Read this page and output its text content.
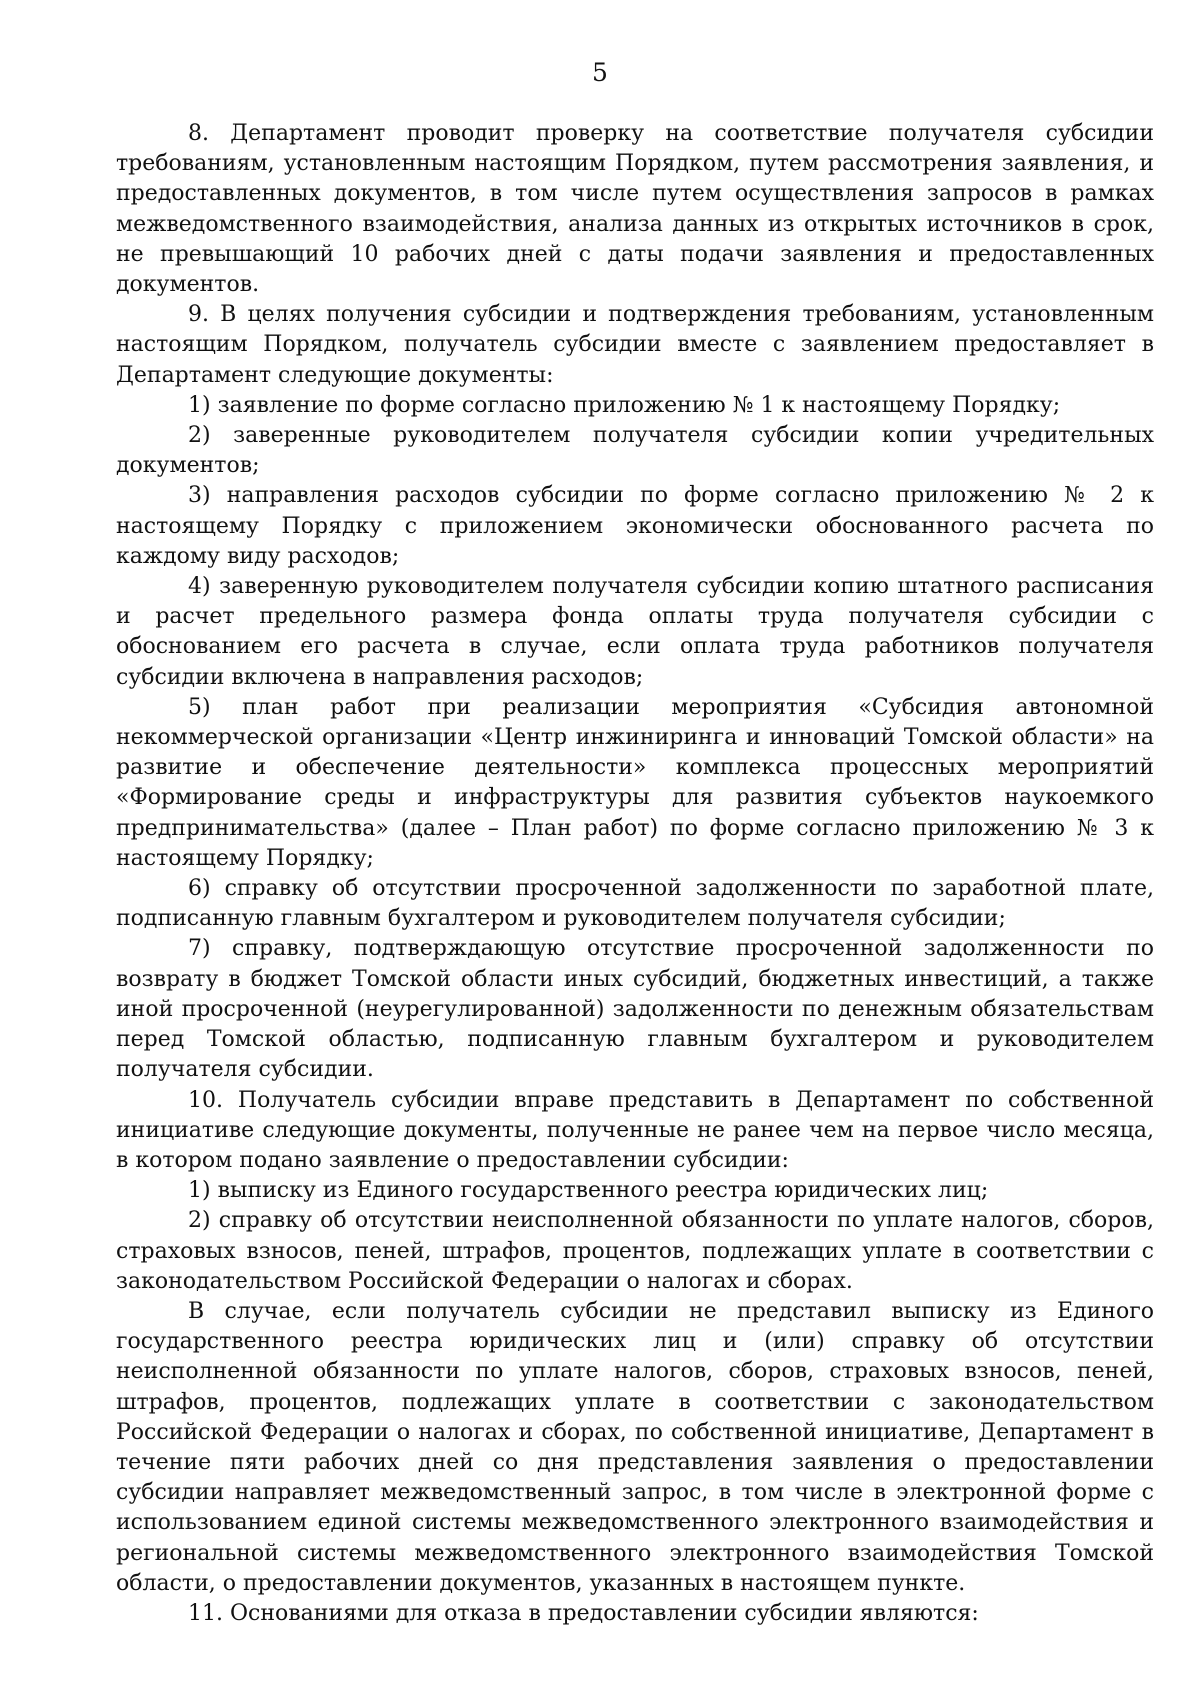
5

8. Департамент проводит проверку на соответствие получателя субсидии требованиям, установленным настоящим Порядком, путем рассмотрения заявления, и предоставленных документов, в том числе путем осуществления запросов в рамках межведомственного взаимодействия, анализа данных из открытых источников в срок, не превышающий 10 рабочих дней с даты подачи заявления и предоставленных документов.

9. В целях получения субсидии и подтверждения требованиям, установленным настоящим Порядком, получатель субсидии вместе с заявлением предоставляет в Департамент следующие документы:

1) заявление по форме согласно приложению № 1 к настоящему Порядку;

2) заверенные руководителем получателя субсидии копии учредительных документов;

3) направления расходов субсидии по форме согласно приложению № 2 к настоящему Порядку с приложением экономически обоснованного расчета по каждому виду расходов;

4) заверенную руководителем получателя субсидии копию штатного расписания и расчет предельного размера фонда оплаты труда получателя субсидии с обоснованием его расчета в случае, если оплата труда работников получателя субсидии включена в направления расходов;

5) план работ при реализации мероприятия «Субсидия автономной некоммерческой организации «Центр инжиниринга и инноваций Томской области» на развитие и обеспечение деятельности» комплекса процессных мероприятий «Формирование среды и инфраструктуры для развития субъектов наукоемкого предпринимательства» (далее – План работ) по форме согласно приложению № 3 к настоящему Порядку;

6) справку об отсутствии просроченной задолженности по заработной плате, подписанную главным бухгалтером и руководителем получателя субсидии;

7) справку, подтверждающую отсутствие просроченной задолженности по возврату в бюджет Томской области иных субсидий, бюджетных инвестиций, а также иной просроченной (неурегулированной) задолженности по денежным обязательствам перед Томской областью, подписанную главным бухгалтером и руководителем получателя субсидии.

10. Получатель субсидии вправе представить в Департамент по собственной инициативе следующие документы, полученные не ранее чем на первое число месяца, в котором подано заявление о предоставлении субсидии:

1) выписку из Единого государственного реестра юридических лиц;

2) справку об отсутствии неисполненной обязанности по уплате налогов, сборов, страховых взносов, пеней, штрафов, процентов, подлежащих уплате в соответствии с законодательством Российской Федерации о налогах и сборах.

В случае, если получатель субсидии не представил выписку из Единого государственного реестра юридических лиц и (или) справку об отсутствии неисполненной обязанности по уплате налогов, сборов, страховых взносов, пеней, штрафов, процентов, подлежащих уплате в соответствии с законодательством Российской Федерации о налогах и сборах, по собственной инициативе, Департамент в течение пяти рабочих дней со дня представления заявления о предоставлении субсидии направляет межведомственный запрос, в том числе в электронной форме с использованием единой системы межведомственного электронного взаимодействия и региональной системы межведомственного электронного взаимодействия Томской области, о предоставлении документов, указанных в настоящем пункте.

11. Основаниями для отказа в предоставлении субсидии являются:
